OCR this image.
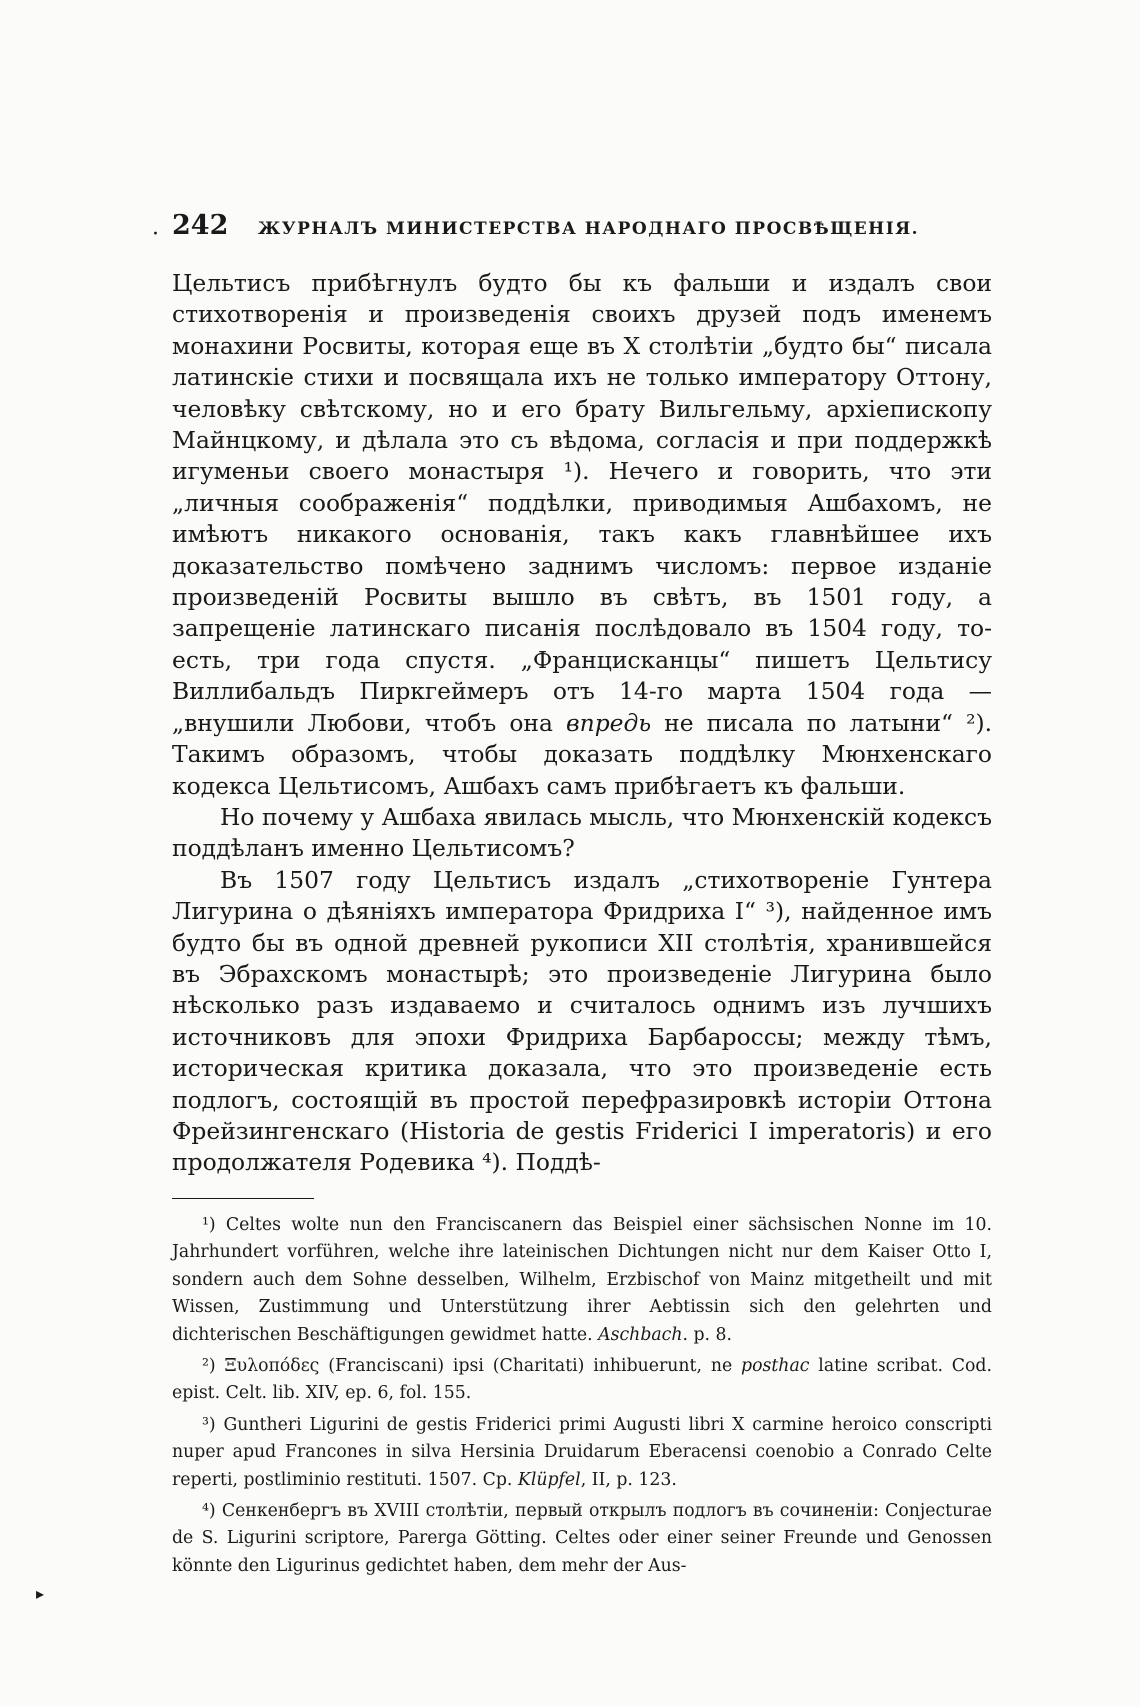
· 242	ЖУРНАЛЪ МИНИСТЕРСТВА НАРОДНАГО ПРОСВѢЩЕНІЯ.

Цельтисъ прибѣгнулъ будто бы къ фальши и издалъ свои стихотворенія и произведенія своихъ друзей подъ именемъ монахини Росвиты, которая еще въ X столѣтіи „будто бы“ писала латинскіе стихи и посвящала ихъ не только императору Оттону, человѣку свѣтскому, но и его брату Вильгельму, архіепископу Майнцкому, и дѣлала это съ вѣдома, согласія и при поддержкѣ игуменьи своего монастыря ¹). Нечего и говорить, что эти „личныя соображенія“ поддѣлки, приводимыя Ашбахомъ, не имѣютъ никакого основанія, такъ какъ главнѣйшее ихъ доказательство помѣчено заднимъ числомъ: первое изданіе произведеній Росвиты вышло въ свѣтъ, въ 1501 году, а запрещеніе латинскаго писанія послѣдовало въ 1504 году, то-есть, три года спустя. „Францисканцы“ пишетъ Цельтису Виллибальдъ Пиркгеймеръ отъ 14-го марта 1504 года — „внушили Любови, чтобъ она впредь не писала по латыни“ ²). Такимъ образомъ, чтобы доказать поддѣлку Мюнхенскаго кодекса Цельтисомъ, Ашбахъ самъ прибѣгаетъ къ фальши.

Но почему у Ашбаха явилась мысль, что Мюнхенскій кодексъ поддѣланъ именно Цельтисомъ?

Въ 1507 году Цельтисъ издалъ „стихотвореніе Гунтера Лигурина о дѣяніяхъ императора Фридриха I“ ³), найденное имъ будто бы въ одной древней рукописи XII столѣтія, хранившейся въ Эбрахскомъ монастырѣ; это произведеніе Лигурина было нѣсколько разъ издаваемо и считалось однимъ изъ лучшихъ источниковъ для эпохи Фридриха Барбароссы; между тѣмъ, историческая критика доказала, что это произведеніе есть подлогъ, состоящій въ простой перефразировкѣ исторіи Оттона Фрейзингенскаго (Historia de gestis Friderici I imperatoris) и его продолжателя Родевика ⁴). Поддѣ-

¹) Celtes wolte nun den Franciscanern das Beispiel einer sächsischen Nonne im 10. Jahrhundert vorführen, welche ihre lateinischen Dichtungen nicht nur dem Kaiser Otto I, sondern auch dem Sohne desselben, Wilhelm, Erzbischof von Mainz mitgetheilt und mit Wissen, Zustimmung und Unterstützung ihrer Aebtissin sich den gelehrten und dichterischen Beschäftigungen gewidmet hatte. Aschbach. p. 8.

²) Ξυλοπόδες (Franciscani) ipsi (Charitati) inhibuerunt, ne posthac latine scribat. Cod. epist. Celt. lib. XIV, ep. 6, fol. 155.

³) Guntheri Ligurini de gestis Friderici primi Augusti libri X carmine heroico conscripti nuper apud Francones in silva Hersinia Druidarum Eberacensi coenobio a Conrado Celte reperti, postliminio restituti. 1507. Cp. Klüpfel, II, p. 123.

⁴) Сенкенбергъ въ XVIII столѣтіи, первый открылъ подлогъ въ сочиненіи: Conjecturae de S. Ligurini scriptore, Parerga Götting. Celtes oder einer seiner Freunde und Genossen könnte den Ligurinus gedichtet haben, dem mehr der Aus-

▸
